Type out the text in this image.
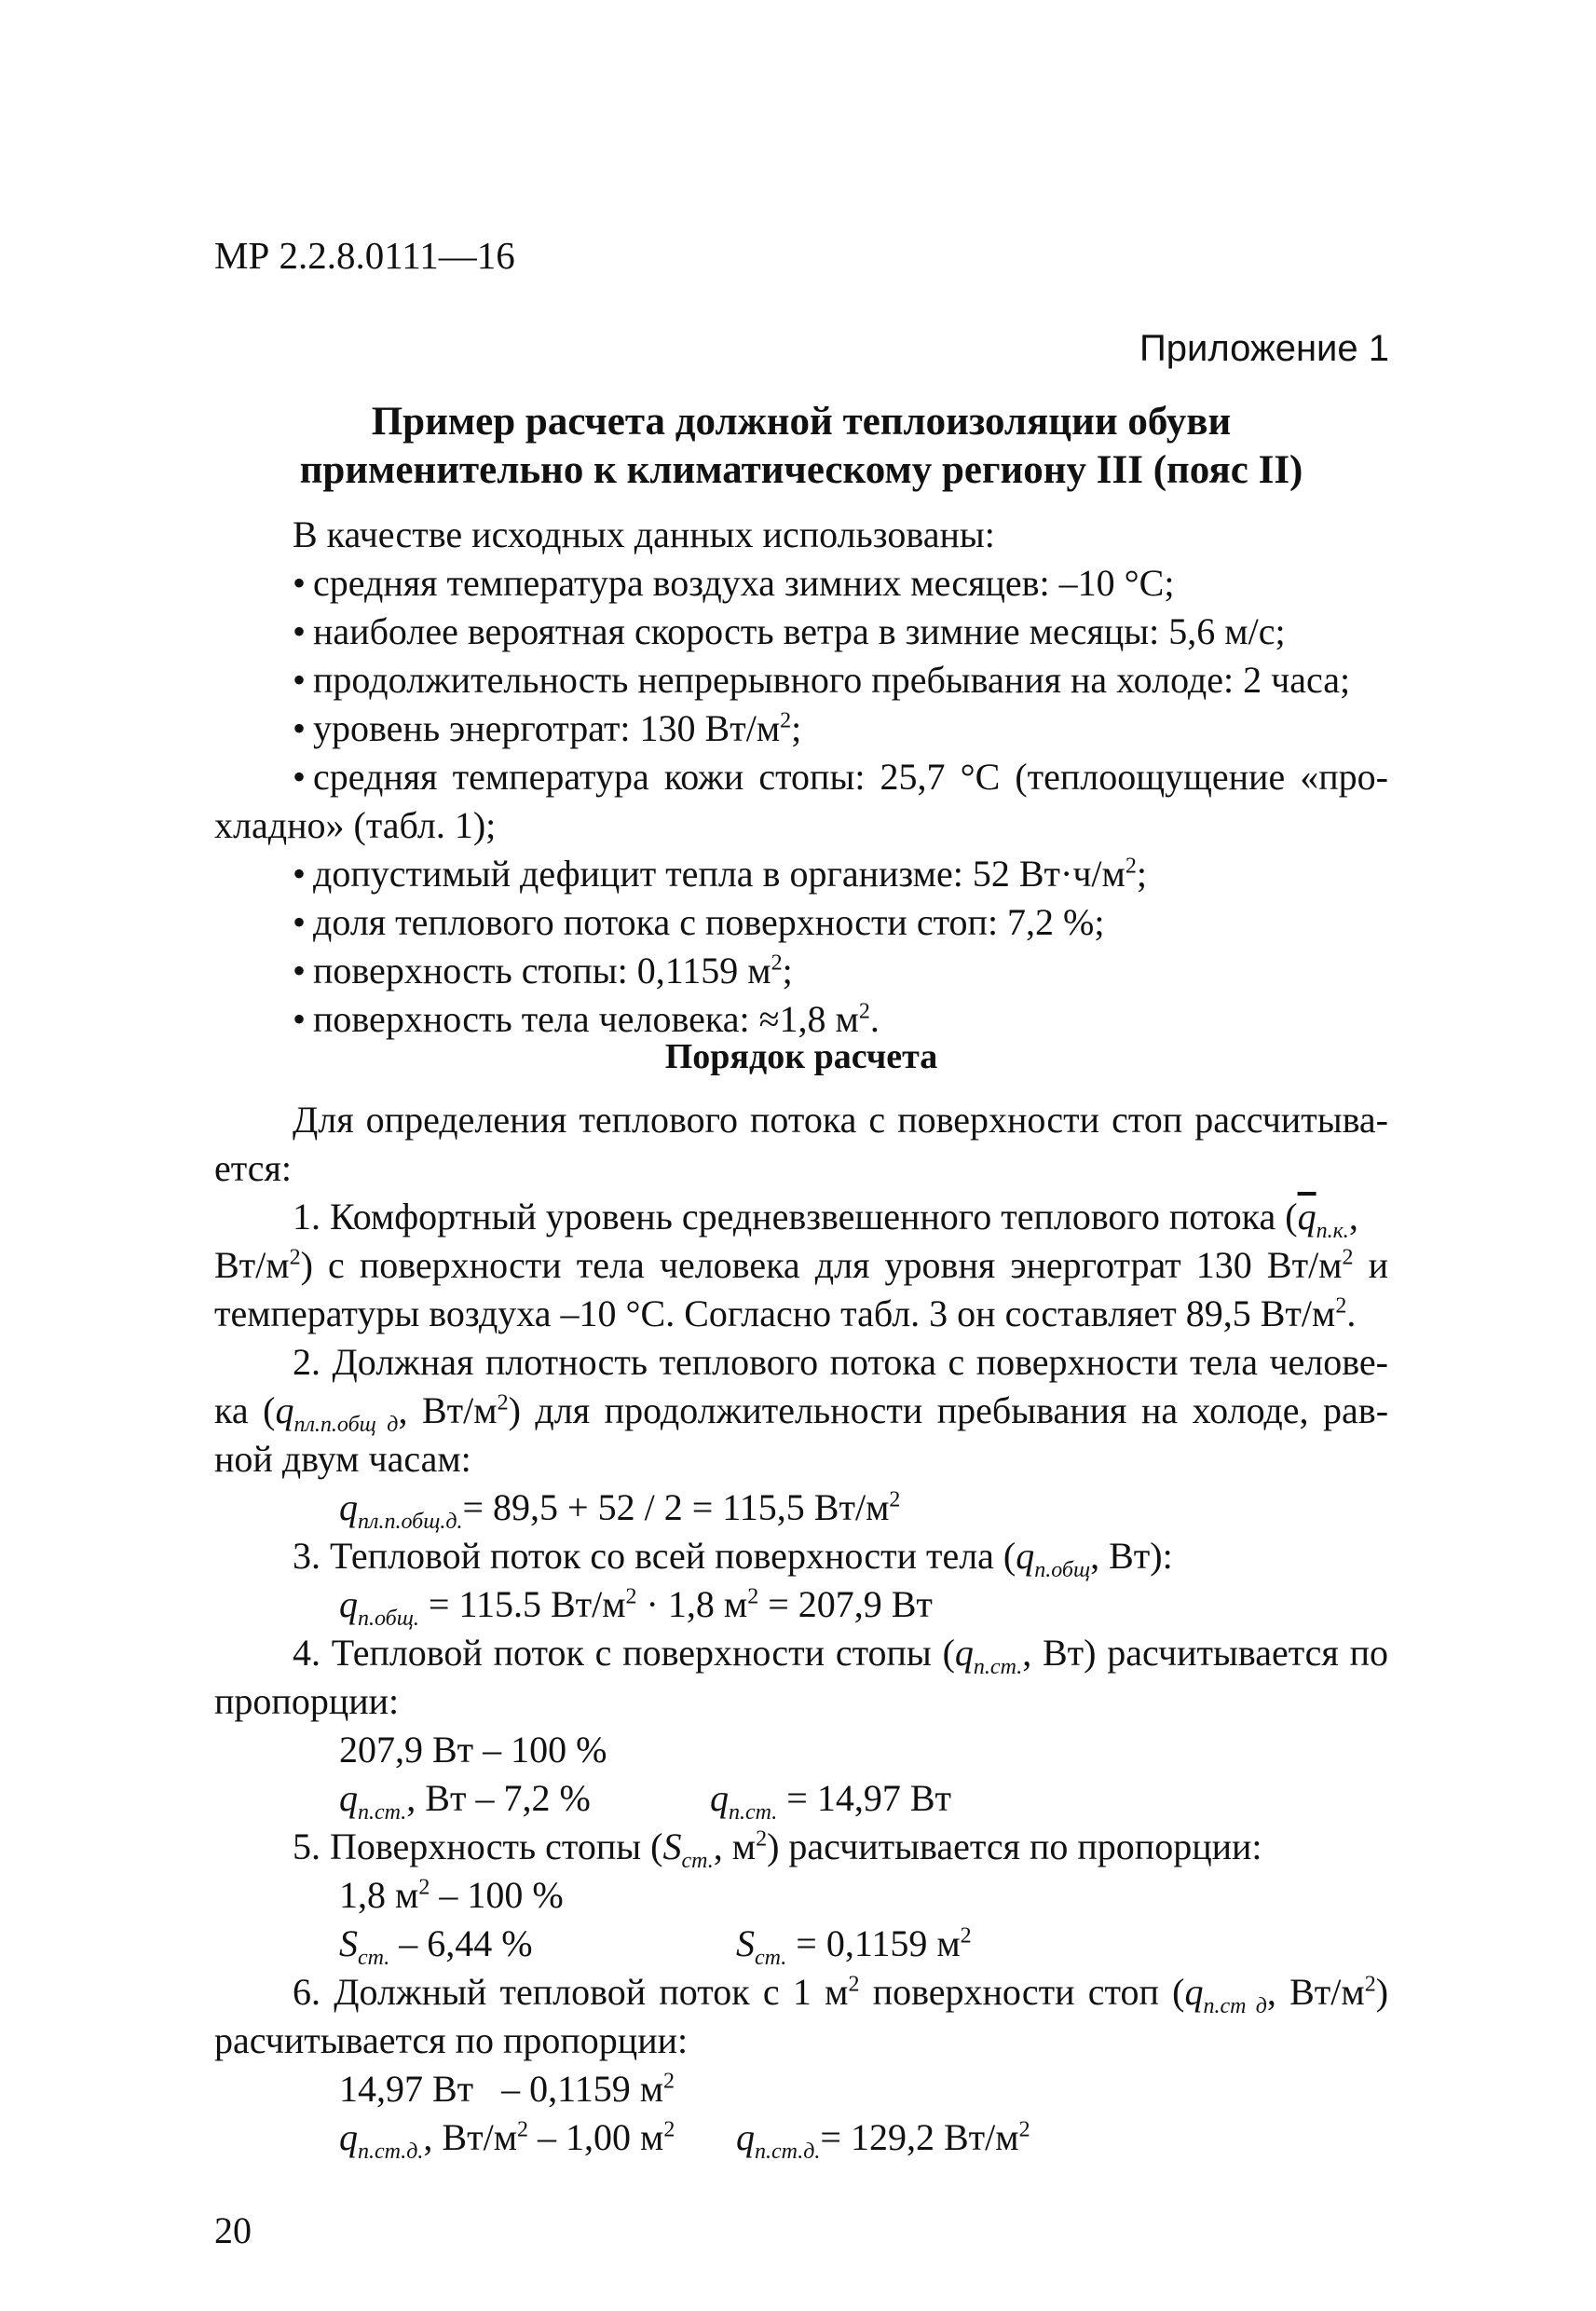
МР 2.2.8.0111—16
Приложение 1
Пример расчета должной теплоизоляции обуви
применительно к климатическому региону III (пояс II)
В качестве исходных данных использованы:
• средняя температура воздуха зимних месяцев: –10 °С;
• наиболее вероятная скорость ветра в зимние месяцы: 5,6 м/с;
• продолжительность непрерывного пребывания на холоде: 2 часа;
• уровень энерготрат: 130 $Вт/м^2$;
• средняя температура кожи стопы: 25,7 °С (теплоощущение «про-
хладно» (табл. 1);
• допустимый дефицит тепла в организме: 52 $Вт\cdot ч/м^2$;
• доля теплового потока с поверхности стоп: 7,2 %;
• поверхность стопы: 0,1159 $м^2$;
• поверхность тела человека: ≈1,8 $м^2$.
Порядок расчета
Для определения теплового потока с поверхности стоп рассчитыва-
ется:
1. Комфортный уровень средневзвешенного теплового потока ($\overline{q}_{п.к.}$,
$Вт/м^2$) с поверхности тела человека для уровня энерготрат 130 $Вт/м^2$ и
температуры воздуха –10 °С. Согласно табл. 3 он составляет 89,5 $Вт/м^2$.
2. Должная плотность теплового потока с поверхности тела челове-
ка ($q_{пл.п.общ д}$, $Вт/м^2$) для продолжительности пребывания на холоде, рав-
ной двум часам:
$q_{пл.п.общ.д.}= 89,5 + 52 / 2 = 115,5$ $Вт/м^2$
3. Тепловой поток со всей поверхности тела ($q_{п.общ}$, Вт):
$q_{п.общ.} = 115.5$ $Вт/м^2 \cdot 1,8$ $м^2 = 207,9$ Вт
4. Тепловой поток с поверхности стопы ($q_{п.ст.}$, Вт) расчитывается по
пропорции:
207,9 Вт – 100 %
$q_{п.ст.}$, Вт – 7,2 %	$q_{п.ст.} = 14,97$ Вт
5. Поверхность стопы ($S_{ст.}$, $м^2$) расчитывается по пропорции:
1,8 $м^2 - 100$ %
$S_{ст.} - 6,44$ %	$S_{ст.} = 0,1159$ $м^2$
6. Должный тепловой поток с 1 $м^2$ поверхности стоп ($q_{п.ст д}$, $Вт/м^2$)
расчитывается по пропорции:
14,97 Вт – 0,1159 $м^2$
$q_{п.ст.д.}$, $Вт/м^2 - 1,00$ $м^2$ $q_{п.ст.д.}= 129,2$ $Вт/м^2$
20
